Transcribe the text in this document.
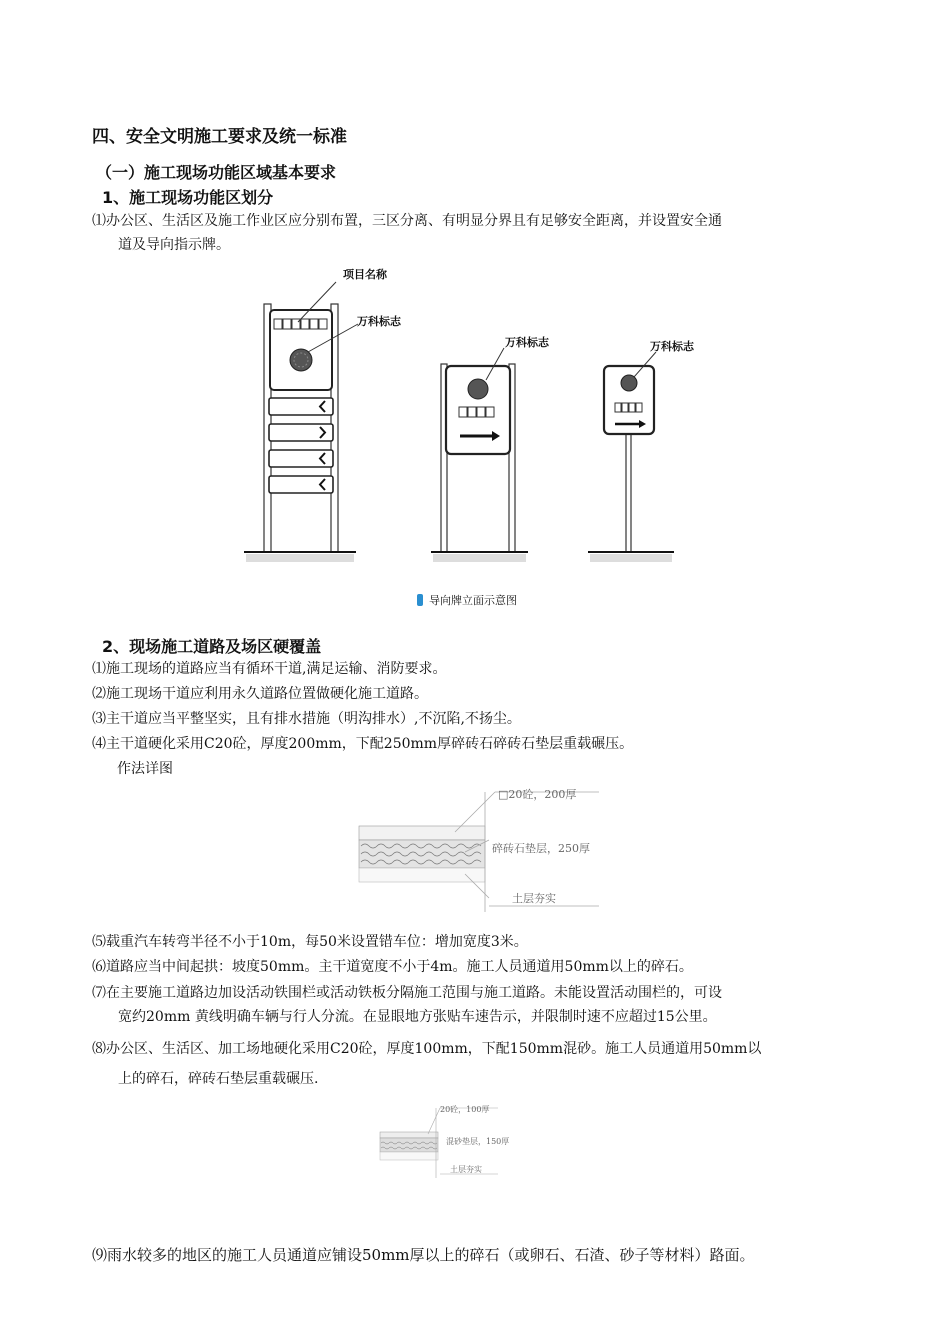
四、安全文明施工要求及统一标准
（一）施工现场功能区域基本要求
1、施工现场功能区划分
⑴办公区、生活区及施工作业区应分别布置，三区分离、有明显分界且有足够安全距离，并设置安全通
道及导向指示牌。
项目名称
万科标志
万科标志	万科标志
导向牌立面示意图
2、现场施工道路及场区硬覆盖
⑴施工现场的道路应当有循环干道,满足运输、消防要求。
⑵施工现场干道应利用永久道路位置做硬化施工道路。
⑶主干道应当平整坚实，且有排水措施（明沟排水）,不沉陷,不扬尘。
⑷主干道硬化采用C20砼，厚度200mm，下配250mm厚碎砖石碎砖石垫层重载碾压。
作法详图
□20砼，200厚
碎砖石垫层，250厚
土层夯实
⑸载重汽车转弯半径不小于10m，每50米设置错车位：增加宽度3米。
⑹道路应当中间起拱：坡度50mm。主干道宽度不小于4m。施工人员通道用50mm以上的碎石。
⑺在主要施工道路边加设活动铁围栏或活动铁板分隔施工范围与施工道路。未能设置活动围栏的，可设
宽约20mm 黄线明确车辆与行人分流。在显眼地方张贴车速告示，并限制时速不应超过15公里。
⑻办公区、生活区、加工场地硬化采用C20砼，厚度100mm，下配150mm混砂。施工人员通道用50mm以
上的碎石，碎砖石垫层重载碾压.
20砼，100厚
混砂垫层，150厚
土层夯实
⑼雨水较多的地区的施工人员通道应铺设50mm厚以上的碎石（或卵石、石渣、砂子等材料）路面。
